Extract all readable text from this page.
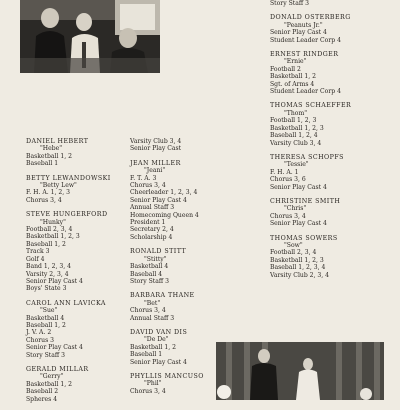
DANIEL HEBERT
"Hebe"
Basketball 1, 2
Baseball 1
BETTY LEWANDOWSKI
"Betty Lew"
F. H. A. 1, 2, 3
Chorus 3, 4
STEVE HUNGERFORD
"Hunky"
Football 2, 3, 4
Basketball 1, 2, 3
Baseball 1, 2
Track 3
Golf 4
Band 1, 2, 3, 4
Varsity 2, 3, 4
Senior Play Cast 4
Boys' State 3
CAROL ANN LAVICKA
"Sue"
Basketball 4
Baseball 1, 2
J. V. A. 2
Chorus 3
Senior Play Cast 4
Story Staff 3
GERALD MILLAR
"Gerry"
Basketball 1, 2
Baseball 2
Spheres 4
Varsity Club 3, 4
Senior Play Cast
JEAN MILLER
"Jeani"
F. T. A. 3
Chorus 3, 4
Cheerleader 1, 2, 3, 4
Senior Play Cast 4
Annual Staff 3
Homecoming Queen 4
President 1
Secretary 2, 4
Scholarship 4
RONALD STITT
"Stitty"
Basketball 4
Baseball 4
Story Staff 3
BARBARA THANE
"Bet"
Chorus 3, 4
Annual Staff 3
DAVID VAN DIS
"De De"
Basketball 1, 2
Baseball 1
Senior Play Cast 4
PHYLLIS MANCUSO
"Phil"
Chorus 3, 4
Story Staff 3
DONALD OSTERBERG
"Peanuts Jr."
Senior Play Cast 4
Student Leader Corp 4
ERNEST RINDGER
"Ernie"
Football 2
Basketball 1, 2
Sgt. of Arms 4
Student Leader Corp 4
THOMAS SCHAEFFER
"Thom"
Football 1, 2, 3
Basketball 1, 2, 3
Baseball 1, 2, 4
Varsity Club 3, 4
THERESA SCHOPFS
"Tessie"
F. H. A. 1
Chorus 3, 6
Senior Play Cast 4
CHRISTINE SMITH
"Chris"
Chorus 3, 4
Senior Play Cast 4
THOMAS SOWERS
"Sow"
Football 2, 3, 4
Basketball 1, 2, 3
Baseball 1, 2, 3, 4
Varsity Club 2, 3, 4
